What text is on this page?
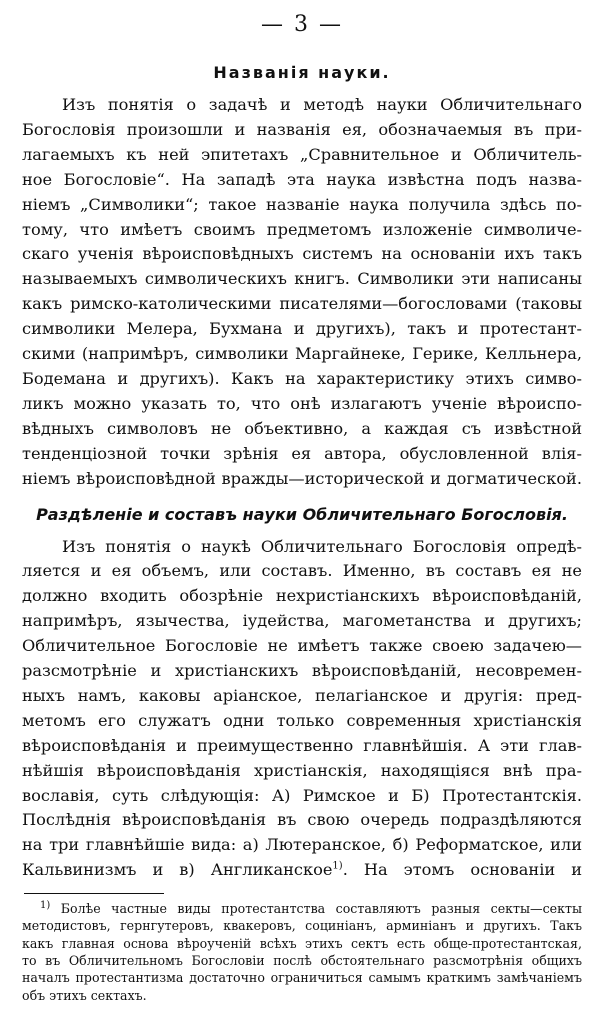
— 3 —
Названія науки.

Изъ понятія о задачѣ и методѣ науки Обличительнаго

Богословія произошли и названія ея, обозначаемыя въ при-

лагаемыхъ къ ней эпитетахъ „Сравнительное и Обличитель-

ное Богословіе“. На западѣ эта наука извѣстна подъ назва-

ніемъ „Символики“; такое названіе наука получила здѣсь по-

тому, что имѣетъ своимъ предметомъ изложеніе символиче-

скаго ученія вѣроисповѣдныхъ системъ на основаніи ихъ такъ

называемыхъ символическихъ книгъ. Символики эти написаны

какъ римско-католическими писателями—богословами (таковы

символики Мелера, Бухмана и другихъ), такъ и протестант-

скими (напримѣръ, символики Маргайнеке, Герике, Келльнера,

Бодемана и другихъ). Какъ на характеристику этихъ симво-

ликъ можно указать то, что онѣ излагаютъ ученіе вѣроиспо-

вѣдныхъ символовъ не объективно, а каждая съ извѣстной

тенденціозной точки зрѣнія ея автора, обусловленной влія-

ніемъ вѣроисповѣдной вражды—исторической и догматической.

Раздѣленіе и составъ науки Обличительнаго Богословія.

Изъ понятія о наукѣ Обличительнаго Богословія опредѣ-

ляется и ея объемъ, или составъ. Именно, въ составъ ея не

должно входить обозрѣніе нехристіанскихъ вѣроисповѣданій,

напримѣръ, язычества, іудейства, магометанства и другихъ;

Обличительное Богословіе не имѣетъ также своею задачею—

разсмотрѣніе и христіанскихъ вѣроисповѣданій, несовремен-

ныхъ намъ, каковы аріанское, пелагіанское и другія: пред-

метомъ его служатъ одни только современныя христіанскія

вѣроисповѣданія и преимущественно главнѣйшія. А эти глав-

нѣйшія вѣроисповѣданія христіанскія, находящіяся внѣ пра-

вославія, суть слѣдующія: А) Римское и Б) Протестантскія.

Послѣднія вѣроисповѣданія въ свою очередь подраздѣляются

на три главнѣйшіе вида: а) Лютеранское, б) Реформатское, или

Кальвинизмъ и в) Англиканское$^{1)}$. На этомъ основаніи и

$^{1)}$ Болѣе частные виды протестантства составляютъ разныя секты—секты

методистовъ, гернгутеровъ, квакеровъ, социніанъ, арминіанъ и другихъ. Такъ

какъ главная основа вѣроученій всѣхъ этихъ сектъ есть обще-протестантская,

то въ Обличительномъ Богословіи послѣ обстоятельнаго разсмотрѣнія общихъ

началъ протестантизма достаточно ограничиться самымъ краткимъ замѣчаніемъ

объ этихъ сектахъ.
